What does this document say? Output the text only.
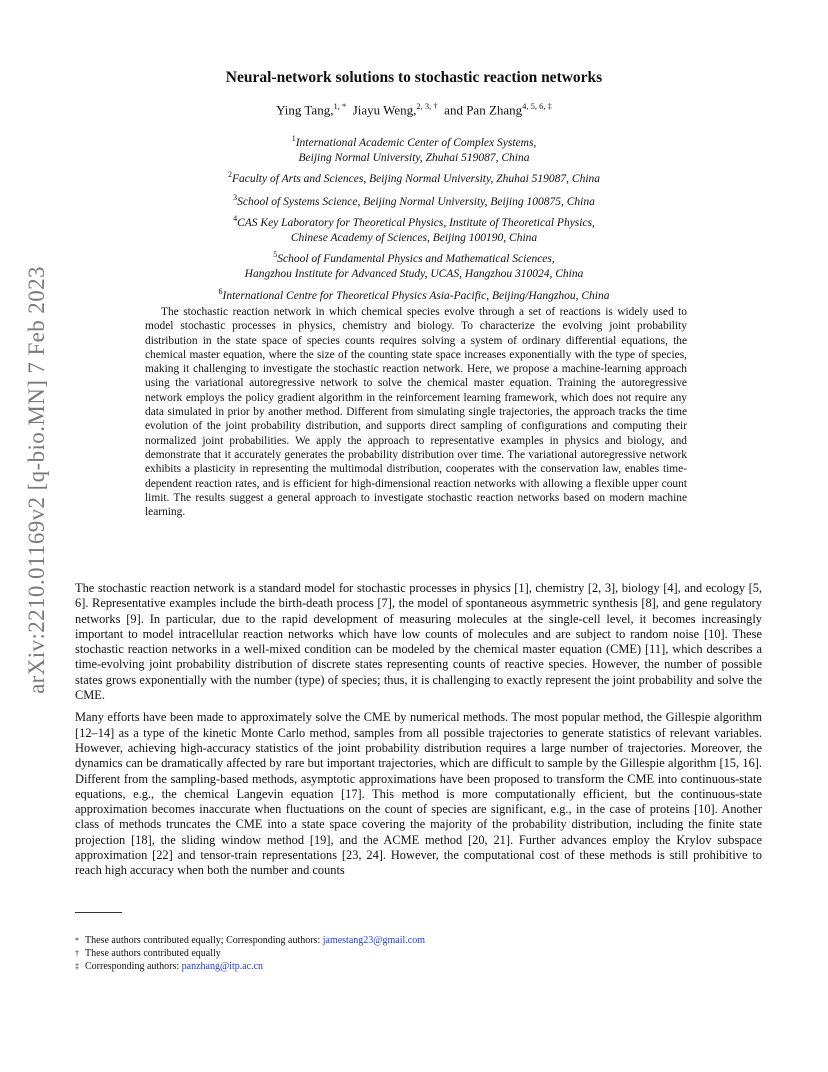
arXiv:2210.01169v2 [q-bio.MN] 7 Feb 2023
Neural-network solutions to stochastic reaction networks
Ying Tang,$^{1, *}$ Jiayu Weng,$^{2, 3, \dagger}$ and Pan Zhang$^{4, 5, 6, \ddagger}$
$^1$International Academic Center of Complex Systems,
Beijing Normal University, Zhuhai 519087, China
$^2$Faculty of Arts and Sciences, Beijing Normal University, Zhuhai 519087, China
$^3$School of Systems Science, Beijing Normal University, Beijing 100875, China
$^4$CAS Key Laboratory for Theoretical Physics, Institute of Theoretical Physics,
Chinese Academy of Sciences, Beijing 100190, China
$^5$School of Fundamental Physics and Mathematical Sciences,
Hangzhou Institute for Advanced Study, UCAS, Hangzhou 310024, China
$^6$International Centre for Theoretical Physics Asia-Pacific, Beijing/Hangzhou, China
The stochastic reaction network in which chemical species evolve through a set of reactions is widely used to model stochastic processes in physics, chemistry and biology. To characterize the evolving joint probability distribution in the state space of species counts requires solving a system of ordinary differential equations, the chemical master equation, where the size of the counting state space increases exponentially with the type of species, making it challenging to investigate the stochastic reaction network. Here, we propose a machine-learning approach using the variational autoregressive network to solve the chemical master equation. Training the autoregressive network employs the policy gradient algorithm in the reinforcement learning framework, which does not require any data simulated in prior by another method. Different from simulating single trajectories, the approach tracks the time evolution of the joint probability distribution, and supports direct sampling of configurations and computing their normalized joint probabilities. We apply the approach to representative examples in physics and biology, and demonstrate that it accurately generates the probability distribution over time. The variational autoregressive network exhibits a plasticity in representing the multimodal distribution, cooperates with the conservation law, enables time-dependent reaction rates, and is efficient for high-dimensional reaction networks with allowing a flexible upper count limit. The results suggest a general approach to investigate stochastic reaction networks based on modern machine learning.

The stochastic reaction network is a standard model for stochastic processes in physics [1], chemistry [2, 3], biology [4], and ecology [5, 6]. Representative examples include the birth-death process [7], the model of spontaneous asymmetric synthesis [8], and gene regulatory networks [9]. In particular, due to the rapid development of measuring molecules at the single-cell level, it becomes increasingly important to model intracellular reaction networks which have low counts of molecules and are subject to random noise [10]. These stochastic reaction networks in a well-mixed condition can be modeled by the chemical master equation (CME) [11], which describes a time-evolving joint probability distribution of discrete states representing counts of reactive species. However, the number of possible states grows exponentially with the number (type) of species; thus, it is challenging to exactly represent the joint probability and solve the CME.

Many efforts have been made to approximately solve the CME by numerical methods. The most popular method, the Gillespie algorithm [12–14] as a type of the kinetic Monte Carlo method, samples from all possible trajectories to generate statistics of relevant variables. However, achieving high-accuracy statistics of the joint probability distribution requires a large number of trajectories. Moreover, the dynamics can be dramatically affected by rare but important trajectories, which are difficult to sample by the Gillespie algorithm [15, 16]. Different from the sampling-based methods, asymptotic approximations have been proposed to transform the CME into continuous-state equations, e.g., the chemical Langevin equation [17]. This method is more computationally efficient, but the continuous-state approximation becomes inaccurate when fluctuations on the count of species are significant, e.g., in the case of proteins [10]. Another class of methods truncates the CME into a state space covering the majority of the probability distribution, including the finite state projection [18], the sliding window method [19], and the ACME method [20, 21]. Further advances employ the Krylov subspace approximation [22] and tensor-train representations [23, 24]. However, the computational cost of these methods is still prohibitive to reach high accuracy when both the number and counts

* These authors contributed equally; Corresponding authors: jamestang23@gmail.com
† These authors contributed equally
‡ Corresponding authors: panzhang@itp.ac.cn
